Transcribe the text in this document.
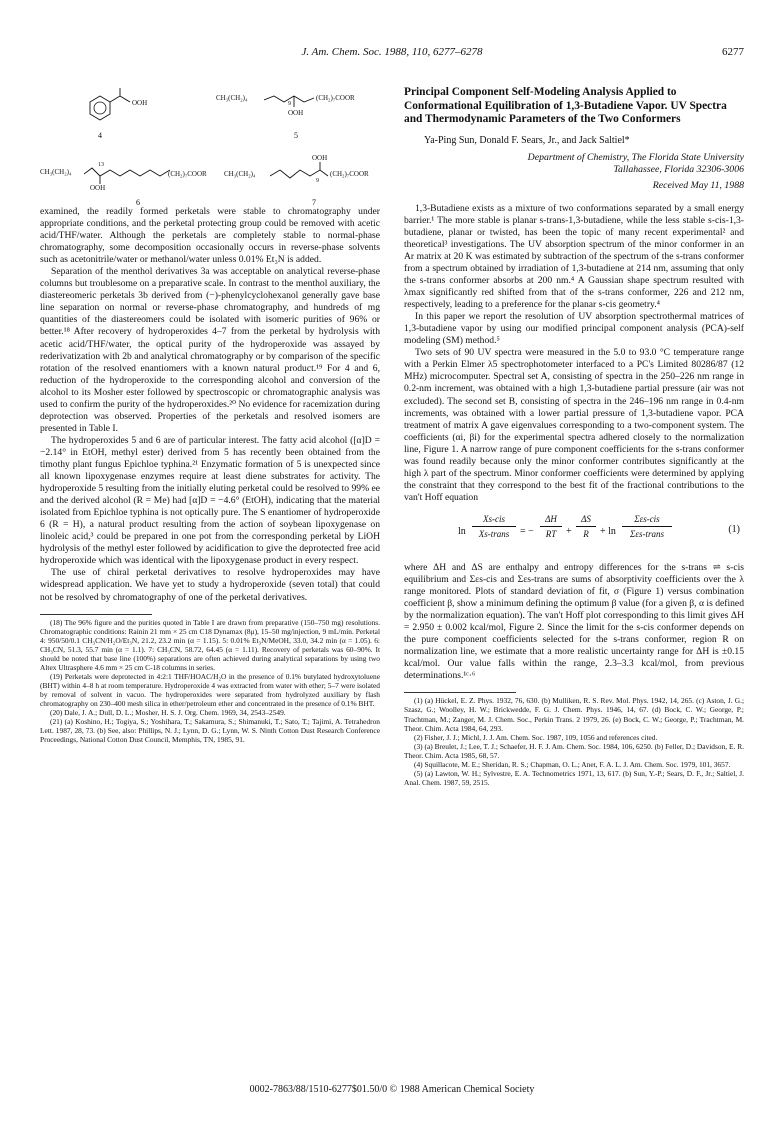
J. Am. Chem. Soc. 1988, 110, 6277–6278	6277
OOH
4
CH₃(CH₂)₄
9
(CH₂)₇COOR
OOH
5
CH₃(CH₂)₄
13
(CH₂)₇COOR
OOH
6
OOH
CH₃(CH₂)₄
9
(CH₂)₇COOR
7

examined, the readily formed perketals were stable to chromatography under appropriate conditions, and the perketal protecting group could be removed with acetic acid/THF/water. Although the perketals are completely stable to normal-phase chromatography, some decomposition occasionally occurs in reverse-phase solvents such as acetonitrile/water or methanol/water unless 0.01% Et₃N is added.

Separation of the menthol derivatives 3a was acceptable on analytical reverse-phase columns but troublesome on a preparative scale. In contrast to the menthol auxiliary, the diastereomeric perketals 3b derived from (−)-phenylcyclohexanol generally gave base line separation on normal or reverse-phase chromatography, and hundreds of mg quantities of the diastereomers could be isolated with isomeric purities of 96% or better.¹⁸ After recovery of hydroperoxides 4–7 from the perketal by hydrolysis with acetic acid/THF/water, the optical purity of the hydroperoxide was assayed by rederivatization with 2b and analytical chromatography or by comparison of the specific rotation of the resolved enantiomers with a known natural product.¹⁹ For 4 and 6, reduction of the hydroperoxide to the corresponding alcohol and conversion of the alcohol to its Mosher ester followed by spectroscopic or chromatographic analysis was used to confirm the purity of the hydroperoxides.²⁰ No evidence for racemization during deprotection was observed. Properties of the perketals and resolved isomers are presented in Table I.

The hydroperoxides 5 and 6 are of particular interest. The fatty acid alcohol ([α]D = −2.14° in EtOH, methyl ester) derived from 5 has recently been obtained from the timothy plant fungus Epichloe typhina.²¹ Enzymatic formation of 5 is unexpected since all known lipoxygenase enzymes require at least diene substrates for activity. The hydroperoxide 5 resulting from the initially eluting perketal could be resolved to 99% ee and the derived alcohol (R = Me) had [α]D = −4.6° (EtOH), indicating that the material isolated from Epichloe typhina is not optically pure. The S enantiomer of hydroperoxide 6 (R = H), a natural product resulting from the action of soybean lipoxygenase on linoleic acid,³ could be prepared in one pot from the corresponding perketal by LiOH hydrolysis of the methyl ester followed by acidification to give the deprotected free acid hydroperoxide which was identical with the lipoxygenase product in every respect.

The use of chiral perketal derivatives to resolve hydroperoxides may have widespread application. We have yet to study a hydroperoxide (seven total) that could not be resolved by chromatography of one of the perketal derivatives.

(18) The 96% figure and the purities quoted in Table I are drawn from preparative (150–750 mg) resolutions. Chromatographic conditions: Rainin 21 mm × 25 cm C18 Dynamax (8μ), 15–50 mg/injection, 9 mL/min. Perketal 4: 950/50/0.1 CH₃CN/H₂O/Et₃N, 21.2, 23.2 min (α = 1.15). 5: 0.01% Et₃N/MeOH, 33.0, 34.2 min (α = 1.05). 6: CH₃CN, 51.3, 55.7 min (α = 1.1). 7: CH₃CN, 58.72, 64.45 (α = 1.11). Recovery of perketals was 60–90%. It should be noted that base line (100%) separations are often achieved during analytical separations by using two Altex Ultrasphere 4.6 mm × 25 cm C-18 columns in series.

(19) Perketals were deprotected in 4:2:1 THF/HOAC/H₂O in the presence of 0.1% butylated hydroxytoluene (BHT) within 4–8 h at room temperature. Hydroperoxide 4 was extracted from water with ether; 5–7 were isolated by removal of solvent in vacuo. The hydroperoxides were separated from hydrolyzed auxiliary by flash chromatography on 230–400 mesh silica in ether/petroleum ether and concentrated in the presence of 0.1% BHT.

(20) Dale, J. A.; Dull, D. L.; Mosher, H. S. J. Org. Chem. 1969, 34, 2543–2549.

(21) (a) Koshino, H.; Togiya, S.; Yoshihara, T.; Sakamura, S.; Shimanuki, T.; Sato, T.; Tajimi, A. Tetrahedron Lett. 1987, 28, 73. (b) See, also: Phillips, N. J.; Lynn, D. G.; Lynn, W. S. Ninth Cotton Dust Research Conference Proceedings, National Cotton Dust Council, Memphis, TN, 1985, 91.

Principal Component Self-Modeling Analysis Applied to Conformational Equilibration of 1,3-Butadiene Vapor. UV Spectra and Thermodynamic Parameters of the Two Conformers
Ya-Ping Sun, Donald F. Sears, Jr., and Jack Saltiel*

Department of Chemistry, The Florida State University

Tallahassee, Florida 32306-3006

Received May 11, 1988

1,3-Butadiene exists as a mixture of two conformations separated by a small energy barrier.¹ The more stable is planar s-trans-1,3-butadiene, while the less stable s-cis-1,3-butadiene, planar or twisted, has been the topic of many recent experimental² and theoretical³ investigations. The UV absorption spectrum of the minor conformer in an Ar matrix at 20 K was estimated by subtraction of the spectrum of the s-trans conformer from a spectrum obtained by irradiation of 1,3-butadiene at 214 nm, assuming that only the s-trans conformer absorbs at 200 nm.⁴ A Gaussian shape spectrum resulted with λmax significantly red shifted from that of the s-trans conformer, 226 and 212 nm, respectively, leading to a preference for the planar s-cis geometry.⁴

In this paper we report the resolution of UV absorption spectrothermal matrices of 1,3-butadiene vapor by using our modified principal component analysis (PCA)-self modeling (SM) method.⁵

Two sets of 90 UV spectra were measured in the 5.0 to 93.0 °C temperature range with a Perkin Elmer λ5 spectrophotometer interfaced to a PC's Limited 80286/87 (12 MHz) microcomputer. Spectral set A, consisting of spectra in the 250–226 nm range in 0.2-nm increment, was obtained with a high 1,3-butadiene partial pressure (air was not excluded). The second set B, consisting of spectra in the 246–196 nm range in 0.4-nm increments, was obtained with a lower partial pressure of 1,3-butadiene vapor. PCA treatment of matrix A gave eigenvalues corresponding to a two-component system. The coefficients (αi, βi) for the experimental spectra adhered closely to the normalization line, Figure 1. A narrow range of pure component coefficients for the s-trans conformer was found readily because only the minor conformer contributes significantly at the high λ part of the spectrum. Minor conformer coefficients were determined by applying the constraint that they correspond to the best fit of the fractional contributions to the van't Hoff equation

ln
Xs-cis
Xs-trans	= − $\frac{\Delta H}{RT} + \frac{\Delta S}{R} + \ln$
Σεs-cis
Σεs-trans	(1)

where ΔH and ΔS are enthalpy and entropy differences for the s-trans ⇌ s-cis equilibrium and Σεs-cis and Σεs-trans are sums of absorptivity coefficients over the λ range monitored. Plots of standard deviation of fit, σ (Figure 1) versus combination coefficient β, show a minimum defining the optimum β value (for a given β, α is defined by the normalization equation). The van't Hoff plot corresponding to this limit gives ΔH = 2.950 ± 0.002 kcal/mol, Figure 2. Since the limit for the s-cis conformer depends on the pure component coefficients selected for the s-trans conformer, region R on normalization line, we estimate that a more realistic uncertainty range for ΔH is ±0.15 kcal/mol. Our value falls within the range, 2.3–3.3 kcal/mol, from previous determinations.¹ᶜ·⁶

(1) (a) Hückel, E. Z. Phys. 1932, 76, 630. (b) Mulliken, R. S. Rev. Mol. Phys. 1942, 14, 265. (c) Aston, J. G.; Szasz, G.; Woolley, H. W.; Brickwedde, F. G. J. Chem. Phys. 1946, 14, 67. (d) Bock, C. W.; George, P.; Trachtman, M.; Zanger, M. J. Chem. Soc., Perkin Trans. 2 1979, 26. (e) Bock, C. W.; George, P.; Trachtman, M. Theor. Chim. Acta 1984, 64, 293.

(2) Fisher, J. J.; Michl, J. J. Am. Chem. Soc. 1987, 109, 1056 and references cited.

(3) (a) Breulet, J.; Lee, T. J.; Schaefer, H. F. J. Am. Chem. Soc. 1984, 106, 6250. (b) Feller, D.; Davidson, E. R. Theor. Chim. Acta 1985, 68, 57.

(4) Squillacote, M. E.; Sheridan, R. S.; Chapman, O. L.; Anet, F. A. L. J. Am. Chem. Soc. 1979, 101, 3657.

(5) (a) Lawton, W. H.; Sylvestre, E. A. Technometrics 1971, 13, 617. (b) Sun, Y.-P.; Sears, D. F., Jr.; Saltiel, J. Anal. Chem. 1987, 59, 2515.

0002-7863/88/1510-6277$01.50/0 © 1988 American Chemical Society
